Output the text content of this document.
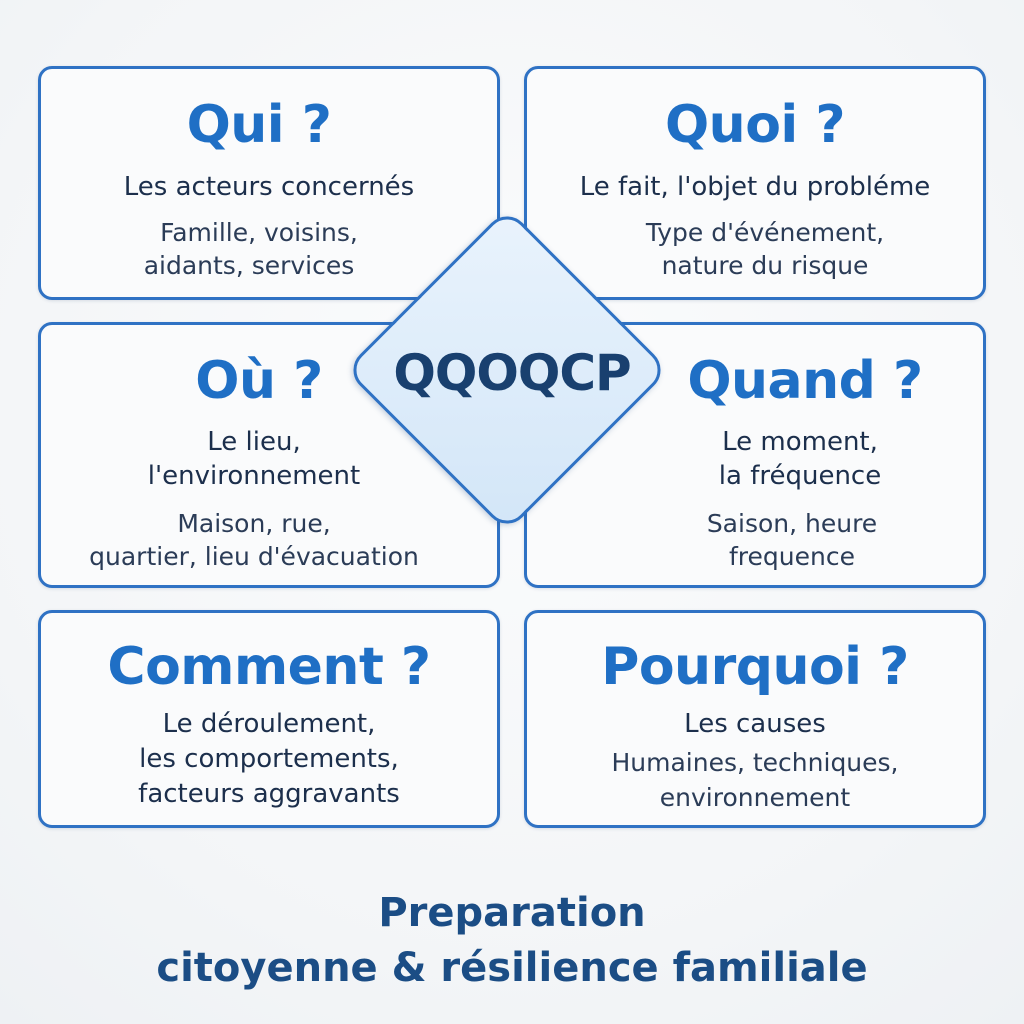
Qui ?
Les acteurs concernés
Famille, voisins,
aidants, services
Quoi ?
Le fait, l'objet du probléme
Type d'événement,
nature du risque
Où ?
Le lieu,
l'environnement
Maison, rue,
quartier, lieu d'évacuation
Quand ?
Le moment,
la fréquence
Saison, heure
frequence
Comment ?
Le déroulement,
les comportements,
facteurs aggravants
Pourquoi ?
Les causes
Humaines, techniques,
environnement
QQOQCP
Preparation
citoyenne & résilience familiale
